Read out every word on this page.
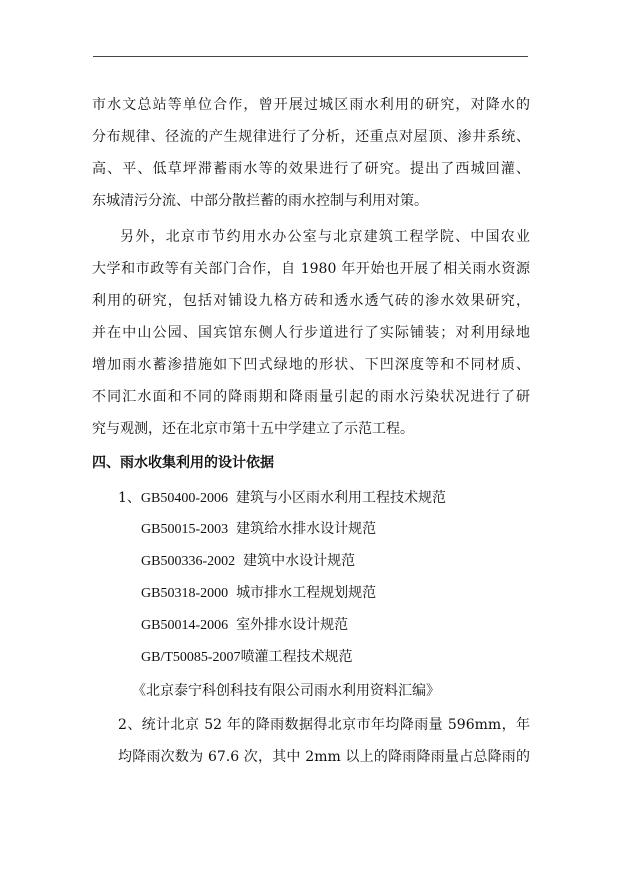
市水文总站等单位合作，曾开展过城区雨水利用的研究，对降水的
分布规律、径流的产生规律进行了分析，还重点对屋顶、渗井系统、
高、平、低草坪滞蓄雨水等的效果进行了研究。提出了西城回灌、
东城清污分流、中部分散拦蓄的雨水控制与利用对策。
另外，北京市节约用水办公室与北京建筑工程学院、中国农业
大学和市政等有关部门合作，自 1980 年开始也开展了相关雨水资源
利用的研究，包括对铺设九格方砖和透水透气砖的渗水效果研究，
并在中山公园、国宾馆东侧人行步道进行了实际铺装；对利用绿地
增加雨水蓄渗措施如下凹式绿地的形状、下凹深度等和不同材质、
不同汇水面和不同的降雨期和降雨量引起的雨水污染状况进行了研
究与观测，还在北京市第十五中学建立了示范工程。
四、雨水收集利用的设计依据
1、GB50400-2006 建筑与小区雨水利用工程技术规范
GB50015-2003 建筑给水排水设计规范
GB500336-2002 建筑中水设计规范
GB50318-2000 城市排水工程规划规范
GB50014-2006 室外排水设计规范
GB/T50085-2007喷灌工程技术规范
《北京泰宁科创科技有限公司雨水利用资料汇编》
2、统计北京 52 年的降雨数据得北京市年均降雨量 596mm，年
均降雨次数为 67.6 次，其中 2mm 以上的降雨降雨量占总降雨的
